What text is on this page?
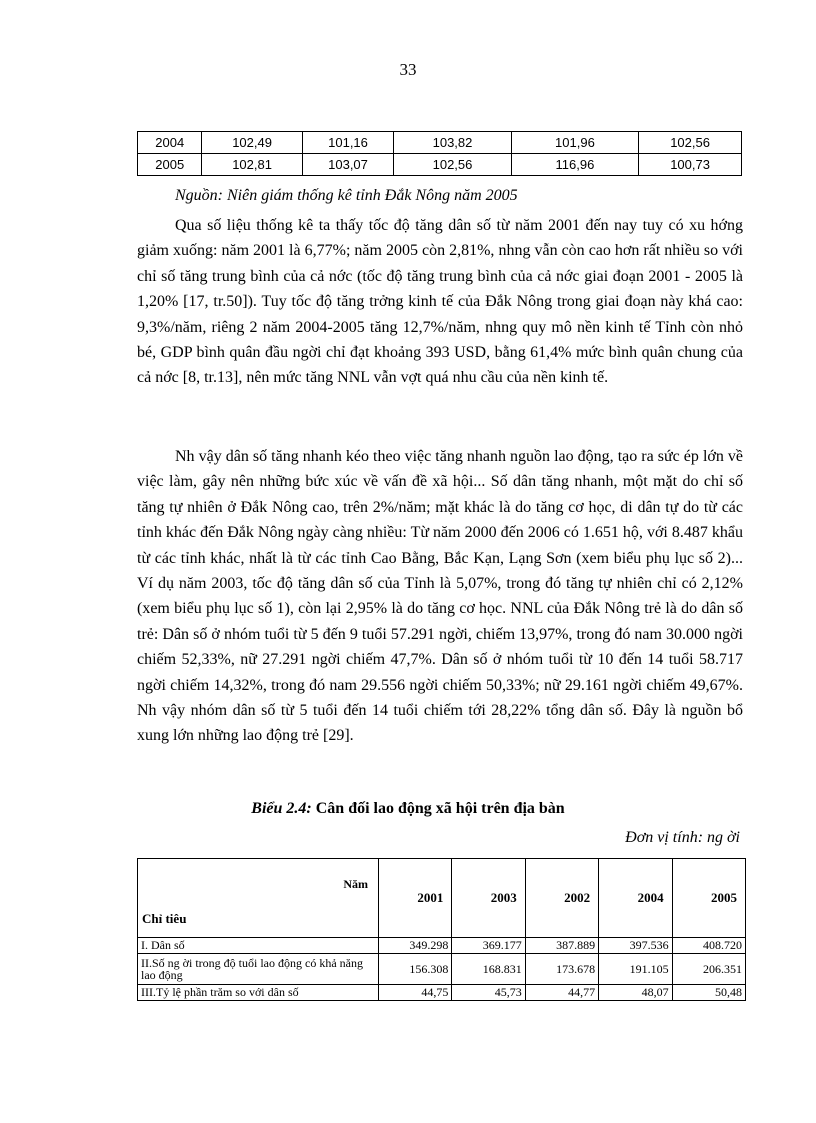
33
2004	102,49	101,16	103,82	101,96	102,56
2005	102,81	103,07	102,56	116,96	100,73
Nguồn: Niên giám thống kê tỉnh Đắk Nông năm 2005

Qua số liệu thống kê ta thấy tốc độ tăng dân số từ năm 2001 đến nay tuy có xu hớng giảm xuống: năm 2001 là 6,77%; năm 2005 còn 2,81%, nhng vẫn còn cao hơn rất nhiều so với chỉ số tăng trung bình của cả nớc (tốc độ tăng trung bình của cả nớc giai đoạn 2001 - 2005 là 1,20% [17, tr.50]). Tuy tốc độ tăng trởng kinh tế của Đắk Nông trong giai đoạn này khá cao: 9,3%/năm, riêng 2 năm 2004-2005 tăng 12,7%/năm, nhng quy mô nền kinh tế Tỉnh còn nhỏ bé, GDP bình quân đầu ngời chỉ đạt khoảng 393 USD, bằng 61,4% mức bình quân chung của cả nớc [8, tr.13], nên mức tăng NNL vẫn vợt quá nhu cầu của nền kinh tế.

Nh vậy dân số tăng nhanh kéo theo việc tăng nhanh nguồn lao động, tạo ra sức ép lớn về việc làm, gây nên những bức xúc về vấn đề xã hội... Số dân tăng nhanh, một mặt do chỉ số tăng tự nhiên ở Đắk Nông cao, trên 2%/năm; mặt khác là do tăng cơ học, di dân tự do từ các tỉnh khác đến Đắk Nông ngày càng nhiều: Từ năm 2000 đến 2006 có 1.651 hộ, với 8.487 khẩu từ các tỉnh khác, nhất là từ các tỉnh Cao Bằng, Bắc Kạn, Lạng Sơn (xem biểu phụ lục số 2)... Ví dụ năm 2003, tốc độ tăng dân số của Tỉnh là 5,07%, trong đó tăng tự nhiên chỉ có 2,12% (xem biểu phụ lục số 1), còn lại 2,95% là do tăng cơ học. NNL của Đắk Nông trẻ là do dân số trẻ: Dân số ở nhóm tuổi từ 5 đến 9 tuổi 57.291 ngời, chiếm 13,97%, trong đó nam 30.000 ngời chiếm 52,33%, nữ 27.291 ngời chiếm 47,7%. Dân số ở nhóm tuổi từ 10 đến 14 tuổi 58.717 ngời chiếm 14,32%, trong đó nam 29.556 ngời chiếm 50,33%; nữ 29.161 ngời chiếm 49,67%. Nh vậy nhóm dân số từ 5 tuổi đến 14 tuổi chiếm tới 28,22% tổng dân số. Đây là nguồn bổ xung lớn những lao động trẻ [29].

Biểu 2.4: Cân đối lao động xã hội trên địa bàn
Đơn vị tính: ng ời
Năm
Chỉ tiêu	2001	2003	2002	2004	2005
I. Dân số	349.298	369.177	387.889	397.536	408.720
II.Số ng ời trong độ tuổi lao động có khả năng lao động	156.308	168.831	173.678	191.105	206.351
III.Tỷ lệ phần trăm so với dân số	44,75	45,73	44,77	48,07	50,48
